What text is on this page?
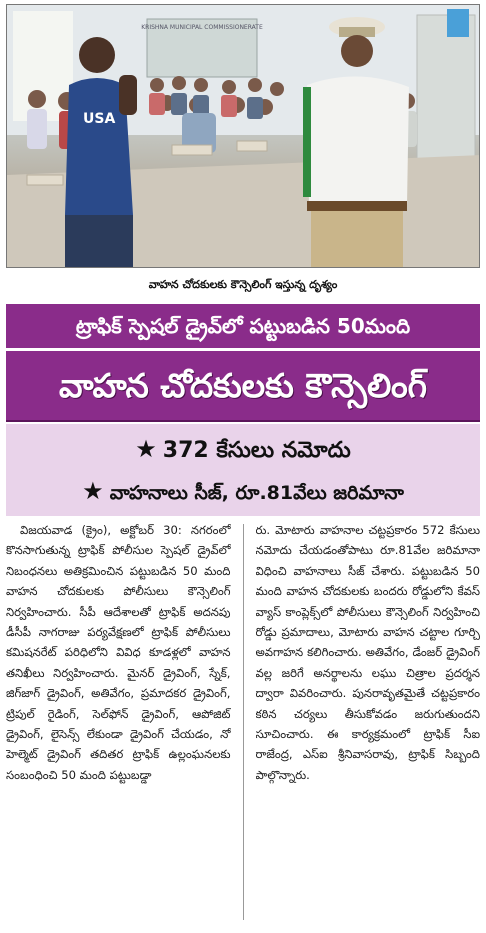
KRISHNA MUNICIPAL COMMISSIONERATE
USA
వాహన చోదకులకు కౌన్సెలింగ్ ఇస్తున్న దృశ్యం
ట్రాఫిక్ స్పెషల్ డ్రైవ్‌లో పట్టుబడిన 50మంది
వాహన చోదకులకు కౌన్సెలింగ్
★ 372 కేసులు నమోదు
★ వాహనాలు సీజ్, రూ.81వేలు జరిమానా

విజయవాడ (క్రైం), అక్టోబర్ 30: నగరంలో కొనసాగుతున్న ట్రాఫిక్ పోలీసుల స్పెషల్ డ్రైవ్‌లో నిబంధనలు అతిక్రమించిన పట్టుబడిన 50 మంది వాహన చోదకులకు పోలీసులు కౌన్సెలింగ్ నిర్వహించారు. సీపీ ఆదేశాలతో ట్రాఫిక్ అదనపు డీసీపీ నాగరాజు పర్యవేక్షణలో ట్రాఫిక్ పోలీసులు కమిషనరేట్ పరిధిలోని వివిధ కూడళ్లలో వాహన తనిఖీలు నిర్వహించారు. మైనర్ డ్రైవింగ్, స్నేక్, జిగ్‌జాగ్ డ్రైవింగ్, అతివేగం, ప్రమాదకర డ్రైవింగ్, ట్రిపుల్ రైడింగ్, సెల్‌ఫోన్ డ్రైవింగ్, ఆపోజిట్ డ్రైవింగ్, లైసెన్స్ లేకుండా డ్రైవింగ్ చేయడం, నో హెల్మెట్ డ్రైవింగ్ తదితర ట్రాఫిక్ ఉల్లంఘనలకు సంబంధించి 50 మంది పట్టుబడ్డా

రు. మోటారు వాహనాల చట్టప్రకారం 572 కేసులు నమోదు చేయడంతోపాటు రూ.81వేల జరిమానా విధించి వాహనాలు సీజ్ చేశారు. పట్టుబడిన 50 మంది వాహన చోదకులకు బందరు రోడ్డులోని కేవస్ వ్యాస్ కాంప్లెక్స్‌లో పోలీసులు కౌన్సెలింగ్ నిర్వహించి రోడ్డు ప్రమాదాలు, మోటారు వాహన చట్టాల గూర్చి అవగాహన కలిగించారు. అతివేగం, డేంజర్ డ్రైవింగ్ వల్ల జరిగే అనర్థాలను లఘు చిత్రాల ప్రదర్శన ద్వారా వివరించారు. పునరావృతమైతే చట్టప్రకారం కఠిన చర్యలు తీసుకోవడం జరుగుతుందని సూచించారు. ఈ కార్యక్రమంలో ట్రాఫిక్ సీఐ రాజేంద్ర, ఎస్‌ఐ శ్రీనివాసరావు, ట్రాఫిక్ సిబ్బంది పాల్గొన్నారు.
